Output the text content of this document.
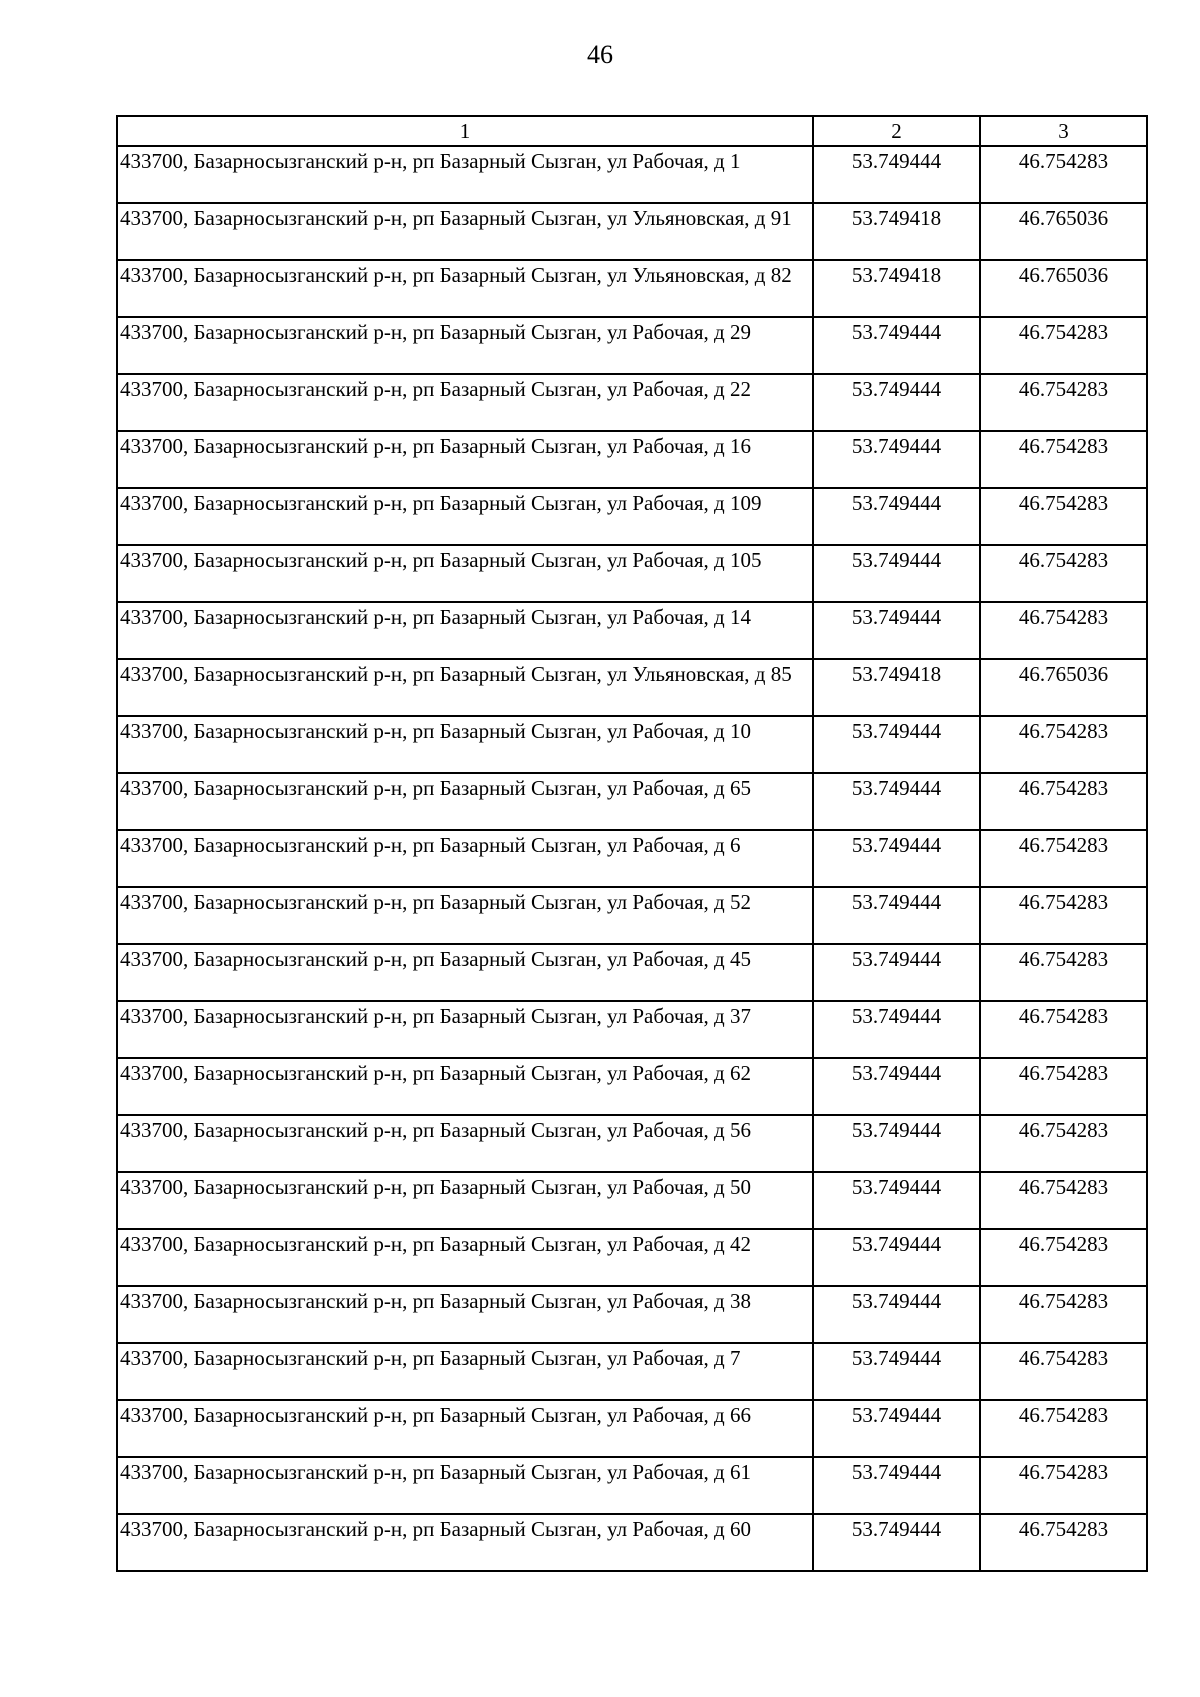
46
1	2	3
433700, Базарносызганский р-н, рп Базарный Сызган, ул Рабочая, д 1	53.749444	46.754283
433700, Базарносызганский р-н, рп Базарный Сызган, ул Ульяновская, д 91	53.749418	46.765036
433700, Базарносызганский р-н, рп Базарный Сызган, ул Ульяновская, д 82	53.749418	46.765036
433700, Базарносызганский р-н, рп Базарный Сызган, ул Рабочая, д 29	53.749444	46.754283
433700, Базарносызганский р-н, рп Базарный Сызган, ул Рабочая, д 22	53.749444	46.754283
433700, Базарносызганский р-н, рп Базарный Сызган, ул Рабочая, д 16	53.749444	46.754283
433700, Базарносызганский р-н, рп Базарный Сызган, ул Рабочая, д 109	53.749444	46.754283
433700, Базарносызганский р-н, рп Базарный Сызган, ул Рабочая, д 105	53.749444	46.754283
433700, Базарносызганский р-н, рп Базарный Сызган, ул Рабочая, д 14	53.749444	46.754283
433700, Базарносызганский р-н, рп Базарный Сызган, ул Ульяновская, д 85	53.749418	46.765036
433700, Базарносызганский р-н, рп Базарный Сызган, ул Рабочая, д 10	53.749444	46.754283
433700, Базарносызганский р-н, рп Базарный Сызган, ул Рабочая, д 65	53.749444	46.754283
433700, Базарносызганский р-н, рп Базарный Сызган, ул Рабочая, д 6	53.749444	46.754283
433700, Базарносызганский р-н, рп Базарный Сызган, ул Рабочая, д 52	53.749444	46.754283
433700, Базарносызганский р-н, рп Базарный Сызган, ул Рабочая, д 45	53.749444	46.754283
433700, Базарносызганский р-н, рп Базарный Сызган, ул Рабочая, д 37	53.749444	46.754283
433700, Базарносызганский р-н, рп Базарный Сызган, ул Рабочая, д 62	53.749444	46.754283
433700, Базарносызганский р-н, рп Базарный Сызган, ул Рабочая, д 56	53.749444	46.754283
433700, Базарносызганский р-н, рп Базарный Сызган, ул Рабочая, д 50	53.749444	46.754283
433700, Базарносызганский р-н, рп Базарный Сызган, ул Рабочая, д 42	53.749444	46.754283
433700, Базарносызганский р-н, рп Базарный Сызган, ул Рабочая, д 38	53.749444	46.754283
433700, Базарносызганский р-н, рп Базарный Сызган, ул Рабочая, д 7	53.749444	46.754283
433700, Базарносызганский р-н, рп Базарный Сызган, ул Рабочая, д 66	53.749444	46.754283
433700, Базарносызганский р-н, рп Базарный Сызган, ул Рабочая, д 61	53.749444	46.754283
433700, Базарносызганский р-н, рп Базарный Сызган, ул Рабочая, д 60	53.749444	46.754283
